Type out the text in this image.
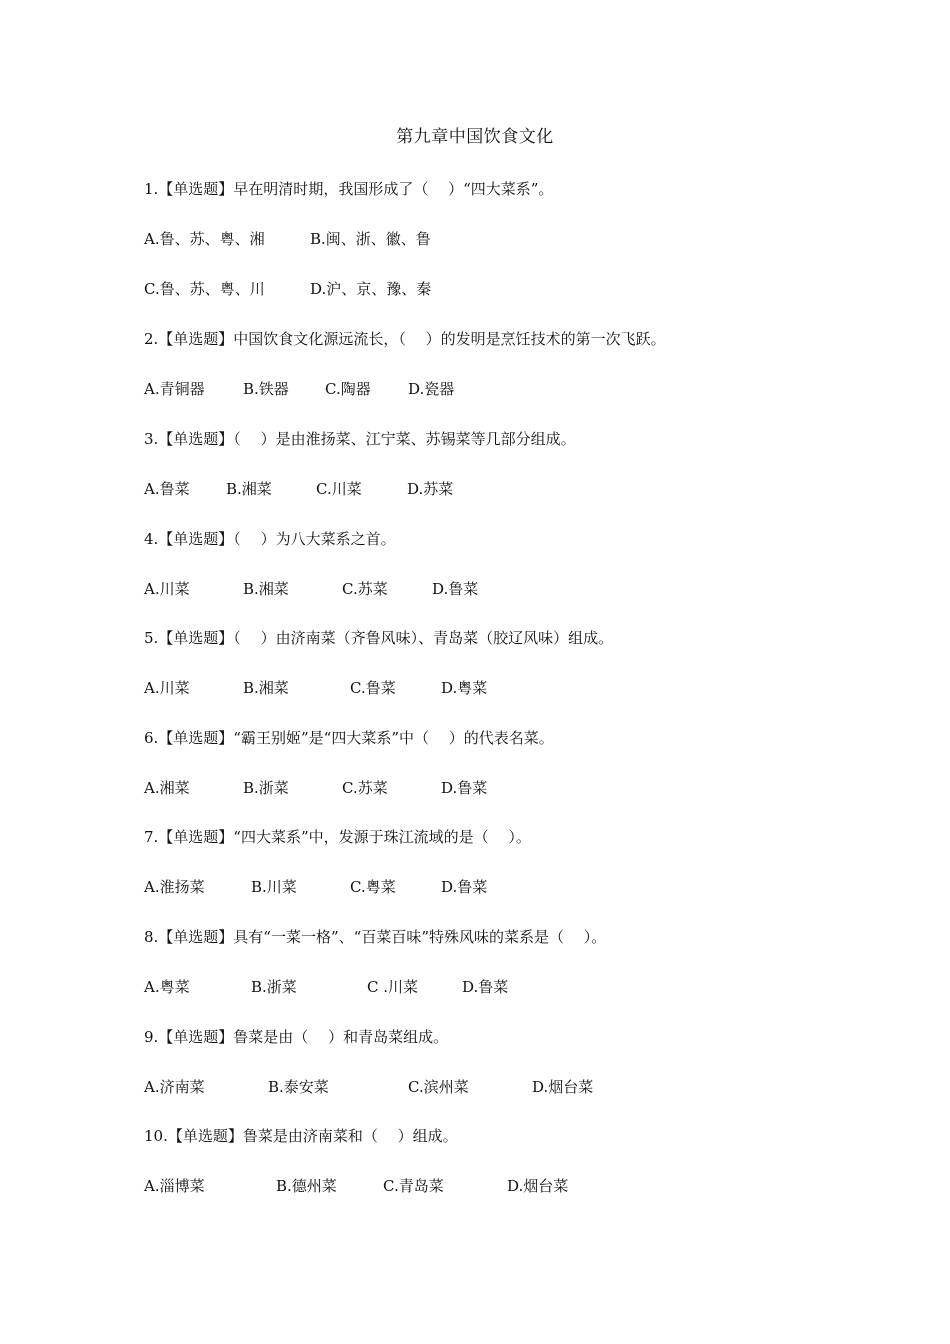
第九章中国饮食文化
1.【单选题】早在明清时期，我国形成了（　 ）“四大菜系”。
A.鲁、苏、粤、湘	B.闽、浙、徽、鲁
C.鲁、苏、粤、川	D.沪、京、豫、秦
2.【单选题】中国饮食文化源远流长，（　 ）的发明是烹饪技术的第一次飞跃。
A.青铜器	B.铁器 C.陶器 D.瓷器
3.【单选题】（　 ）是由淮扬菜、江宁菜、苏锡菜等几部分组成。
A.鲁菜 B.湘菜	C.川菜	D.苏菜
4.【单选题】（　 ）为八大菜系之首。
A.川菜	B.湘菜	C.苏菜	D.鲁菜
5.【单选题】（　 ）由济南菜（齐鲁风味）、青岛菜（胶辽风味）组成。
A.川菜	B.湘菜	C.鲁菜	D.粤菜
6.【单选题】“霸王别姬”是“四大菜系”中（　 ）的代表名菜。
A.湘菜	B.浙菜	C.苏菜	D.鲁菜
7.【单选题】“四大菜系”中，发源于珠江流域的是（　 ）。
A.淮扬菜	B.川菜	C.粤菜	D.鲁菜
8.【单选题】具有“一菜一格”、“百菜百味”特殊风味的菜系是（　 ）。
A.粤菜	B.浙菜	C .川菜	D.鲁菜
9.【单选题】鲁菜是由（　 ）和青岛菜组成。
A.济南菜	B.泰安菜	C.滨州菜	D.烟台菜
10.【单选题】鲁菜是由济南菜和（　 ）组成。
A.淄博菜	B.德州菜	C.青岛菜	D.烟台菜
